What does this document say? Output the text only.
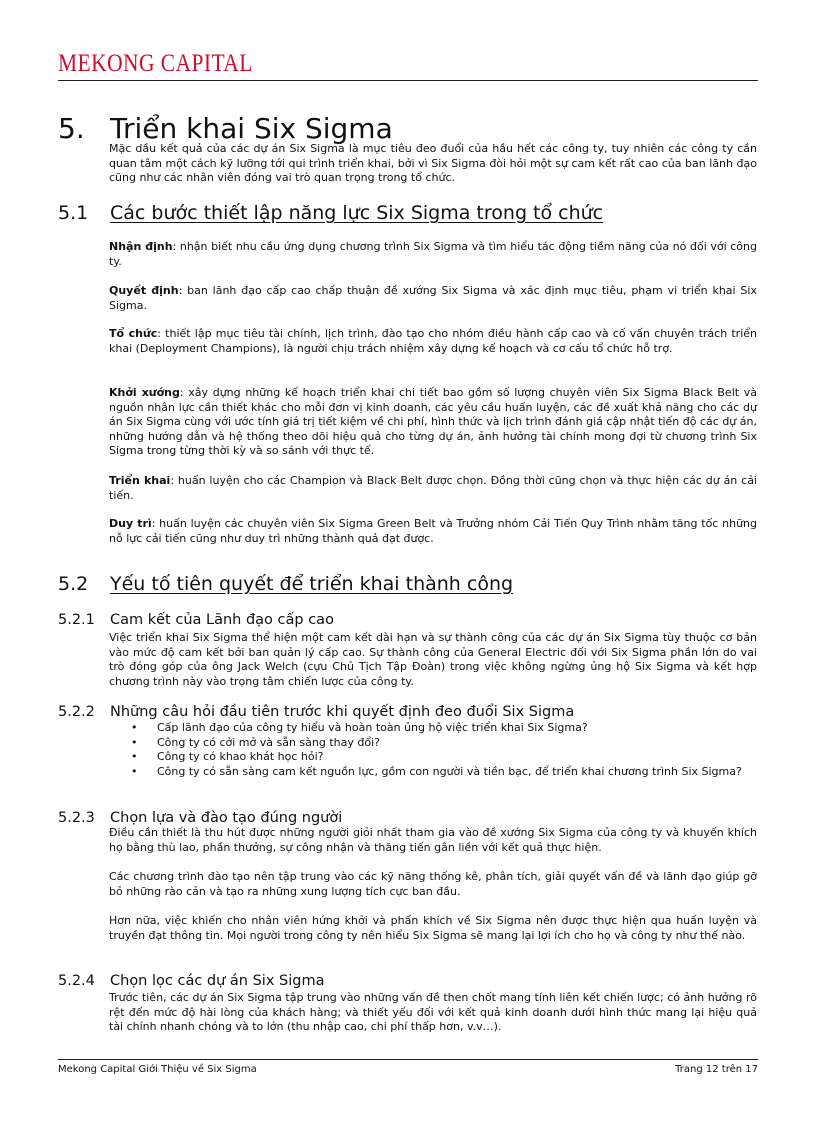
MEKONG CAPITAL
5. Triển khai Six Sigma

Mặc dầu kết quả của các dự án Six Sigma là mục tiêu đeo đuổi của hầu hết các công ty, tuy nhiên các công ty cần quan tâm một cách kỹ lưỡng tới qui trình triển khai, bởi vì Six Sigma đòi hỏi một sự cam kết rất cao của ban lãnh đạo cũng như các nhân viên đóng vai trò quan trọng trong tổ chức.

5.1 Các bước thiết lập năng lực Six Sigma trong tổ chức

Nhận định: nhận biết nhu cầu ứng dụng chương trình Six Sigma và tìm hiểu tác động tiềm năng của nó đối với công ty.

Quyết định: ban lãnh đạo cấp cao chấp thuận đề xướng Six Sigma và xác định mục tiêu, phạm vi triển khai Six Sigma.

Tổ chức: thiết lập mục tiêu tài chính, lịch trình, đào tạo cho nhóm điều hành cấp cao và cố vấn chuyên trách triển khai (Deployment Champions), là người chịu trách nhiệm xây dựng kế hoạch và cơ cấu tổ chức hỗ trợ.

Khởi xướng: xây dựng những kế hoạch triển khai chi tiết bao gồm số lượng chuyên viên Six Sigma Black Belt và nguồn nhân lực cần thiết khác cho mỗi đơn vị kinh doanh, các yêu cầu huấn luyện, các đề xuất khả năng cho các dự án Six Sigma cùng với ước tính giá trị tiết kiệm về chi phí, hình thức và lịch trình đánh giá cập nhật tiến độ các dự án, những hướng dẫn và hệ thống theo dõi hiệu quả cho từng dự án, ảnh hưởng tài chính mong đợi từ chương trình Six Sigma trong từng thời kỳ và so sánh với thực tế.

Triển khai: huấn luyện cho các Champion và Black Belt được chọn. Đồng thời cũng chọn và thực hiện các dự án cải tiến.

Duy trì: huấn luyện các chuyên viên Six Sigma Green Belt và Trưởng nhóm Cải Tiến Quy Trình nhằm tăng tốc những nỗ lực cải tiến cũng như duy trì những thành quả đạt được.

5.2 Yếu tố tiên quyết để triển khai thành công
5.2.1 Cam kết của Lãnh đạo cấp cao

Việc triển khai Six Sigma thể hiện một cam kết dài hạn và sự thành công của các dự án Six Sigma tùy thuộc cơ bản vào mức độ cam kết bởi ban quản lý cấp cao. Sự thành công của General Electric đối với Six Sigma phần lớn do vai trò đóng góp của ông Jack Welch (cựu Chủ Tịch Tập Đoàn) trong việc không ngừng ủng hộ Six Sigma và kết hợp chương trình này vào trọng tâm chiến lược của công ty.

5.2.2 Những câu hỏi đầu tiên trước khi quyết định đeo đuổi Six Sigma
• Cấp lãnh đạo của công ty hiểu và hoàn toàn ủng hộ việc triển khai Six Sigma?
• Công ty có cởi mở và sẵn sàng thay đổi?
• Công ty có khao khát học hỏi?
• Công ty có sẵn sàng cam kết nguồn lực, gồm con người và tiền bạc, để triển khai chương trình Six Sigma?
5.2.3 Chọn lựa và đào tạo đúng người

Điều cần thiết là thu hút được những người giỏi nhất tham gia vào đề xướng Six Sigma của công ty và khuyến khích họ bằng thù lao, phần thưởng, sự công nhận và thăng tiến gắn liền với kết quả thực hiện.

Các chương trình đào tạo nên tập trung vào các kỹ năng thống kê, phân tích, giải quyết vấn đề và lãnh đạo giúp gỡ bỏ những rào cản và tạo ra những xung lượng tích cực ban đầu.

Hơn nữa, việc khiến cho nhân viên hứng khởi và phấn khích về Six Sigma nên được thực hiện qua huấn luyện và truyền đạt thông tin. Mọi người trong công ty nên hiểu Six Sigma sẽ mang lại lợi ích cho họ và công ty như thế nào.

5.2.4 Chọn lọc các dự án Six Sigma

Trước tiên, các dự án Six Sigma tập trung vào những vấn đề then chốt mang tính liên kết chiến lược; có ảnh hưởng rõ rệt đến mức độ hài lòng của khách hàng; và thiết yếu đối với kết quả kinh doanh dưới hình thức mang lại hiệu quả tài chính nhanh chóng và to lớn (thu nhập cao, chi phí thấp hơn, v.v…).

Mekong Capital Giới Thiệu về Six Sigma	Trang 12 trên 17
